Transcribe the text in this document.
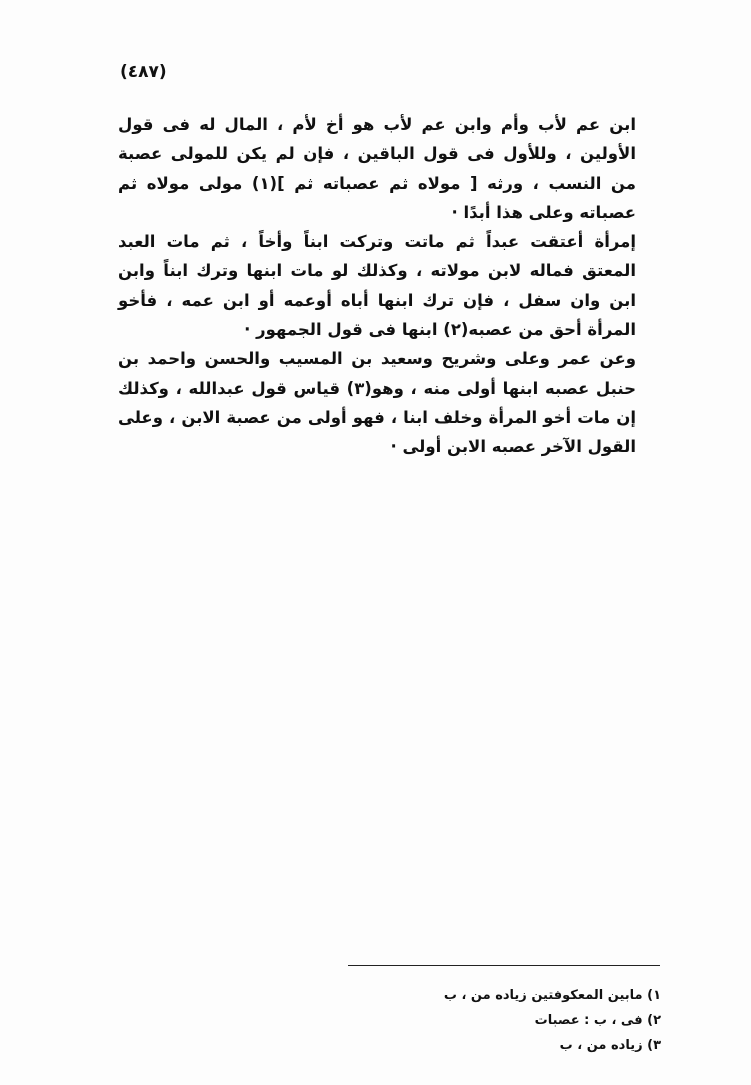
(٤٨٧)

ابن عم لأب وأم وابن عم لأب هو أخ لأم ، المال له فى قول الأولين ، وللأول فى قول الباقين ، فإن لم يكن للمولى عصبة من النسب ، ورثه [ مولاه ثم عصباته ثم ](١) مولى مولاه ثم عصباته وعلى هذا أبدًا ·

إمرأة أعتقت عبداً ثم ماتت وتركت ابناً وأخاً ، ثم مات العبد المعتق فماله لابن مولاته ، وكذلك لو مات ابنها وترك ابناً وابن ابن وان سفل ، فإن ترك ابنها أباه أوعمه أو ابن عمه ، فأخو المرأة أحق من عصبه(٢) ابنها فى قول الجمهور ·

وعن عمر وعلى وشريح وسعيد بن المسيب والحسن واحمد بن حنبل عصبه ابنها أولى منه ، وهو(٣) قياس قول عبدالله ، وكذلك إن مات أخو المرأة وخلف ابنا ، فهو أولى من عصبة الابن ، وعلى القول الآخر عصبه الابن أولى ·

١) مابين المعكوفتين زياده من ، ب
٢) فى ، ب : عصبات
٣) زياده من ، ب
